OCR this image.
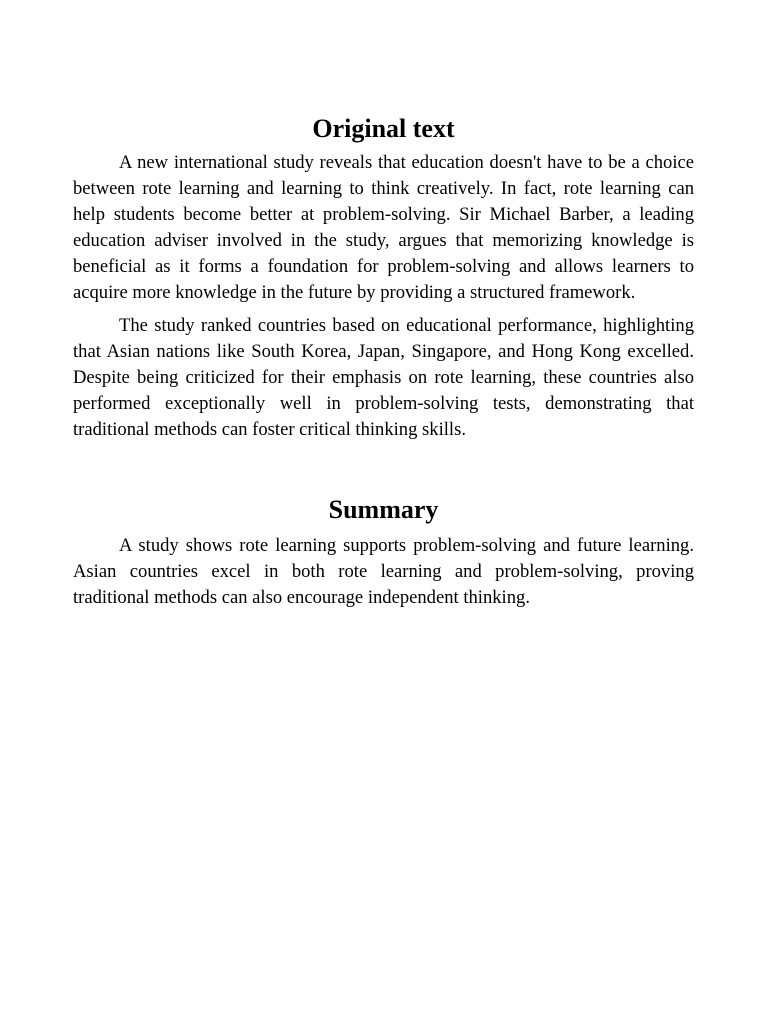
Original text

A new international study reveals that education doesn't have to be a choice between rote learning and learning to think creatively. In fact, rote learning can help students become better at problem-solving. Sir Michael Barber, a leading education adviser involved in the study, argues that memorizing knowledge is beneficial as it forms a foundation for problem-solving and allows learners to acquire more knowledge in the future by providing a structured framework.

The study ranked countries based on educational performance, highlighting that Asian nations like South Korea, Japan, Singapore, and Hong Kong excelled. Despite being criticized for their emphasis on rote learning, these countries also performed exceptionally well in problem-solving tests, demonstrating that traditional methods can foster critical thinking skills.

Summary

A study shows rote learning supports problem-solving and future learning. Asian countries excel in both rote learning and problem-solving, proving traditional methods can also encourage independent thinking.
